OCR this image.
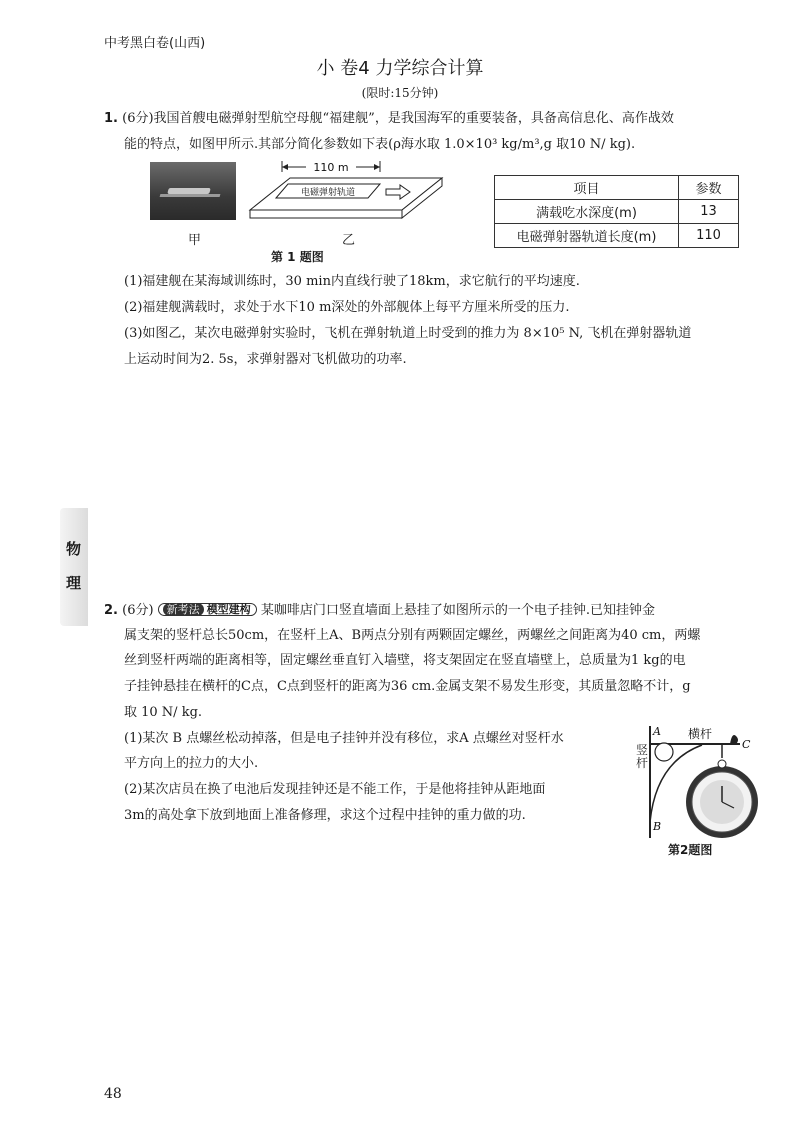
中考黑白卷(山西)
小 卷4 力学综合计算
(限时:15分钟)
1. (6分)我国首艘电磁弹射型航空母舰“福建舰”，是我国海军的重要装备，具备高信息化、高作战效
能的特点，如图甲所示.其部分简化参数如下表(ρ海水取 1.0×10³ kg/m³,g 取10 N/ kg).
110 m
电磁弹射轨道
甲	乙
第 1 题图
项目	参数
满载吃水深度(m)	13
电磁弹射器轨道长度(m)	110
(1)福建舰在某海域训练时，30 min内直线行驶了18km，求它航行的平均速度.
(2)福建舰满载时，求处于水下10 m深处的外部舰体上每平方厘米所受的压力.
(3)如图乙，某次电磁弹射实验时，飞机在弹射轨道上时受到的推力为 8×10⁵ N, 飞机在弹射器轨道
上运动时间为2. 5s，求弹射器对飞机做功的功率.
物
理
2. (6分) 新考法 模型建构 某咖啡店门口竖直墙面上悬挂了如图所示的一个电子挂钟.已知挂钟金
属支架的竖杆总长50cm，在竖杆上A、B两点分别有两颗固定螺丝，两螺丝之间距离为40 cm，两螺
丝到竖杆两端的距离相等，固定螺丝垂直钉入墙壁，将支架固定在竖直墙壁上，总质量为1 kg的电
子挂钟悬挂在横杆的C点，C点到竖杆的距离为36 cm.金属支架不易发生形变，其质量忽略不计，g
取 10 N/ kg.
(1)某次 B 点螺丝松动掉落，但是电子挂钟并没有移位，求A 点螺丝对竖杆水
平方向上的拉力的大小.
(2)某次店员在换了电池后发现挂钟还是不能工作，于是他将挂钟从距地面
3m的高处拿下放到地面上准备修理，求这个过程中挂钟的重力做的功.
A
B
C
横杆
竖杆
第2题图
48
